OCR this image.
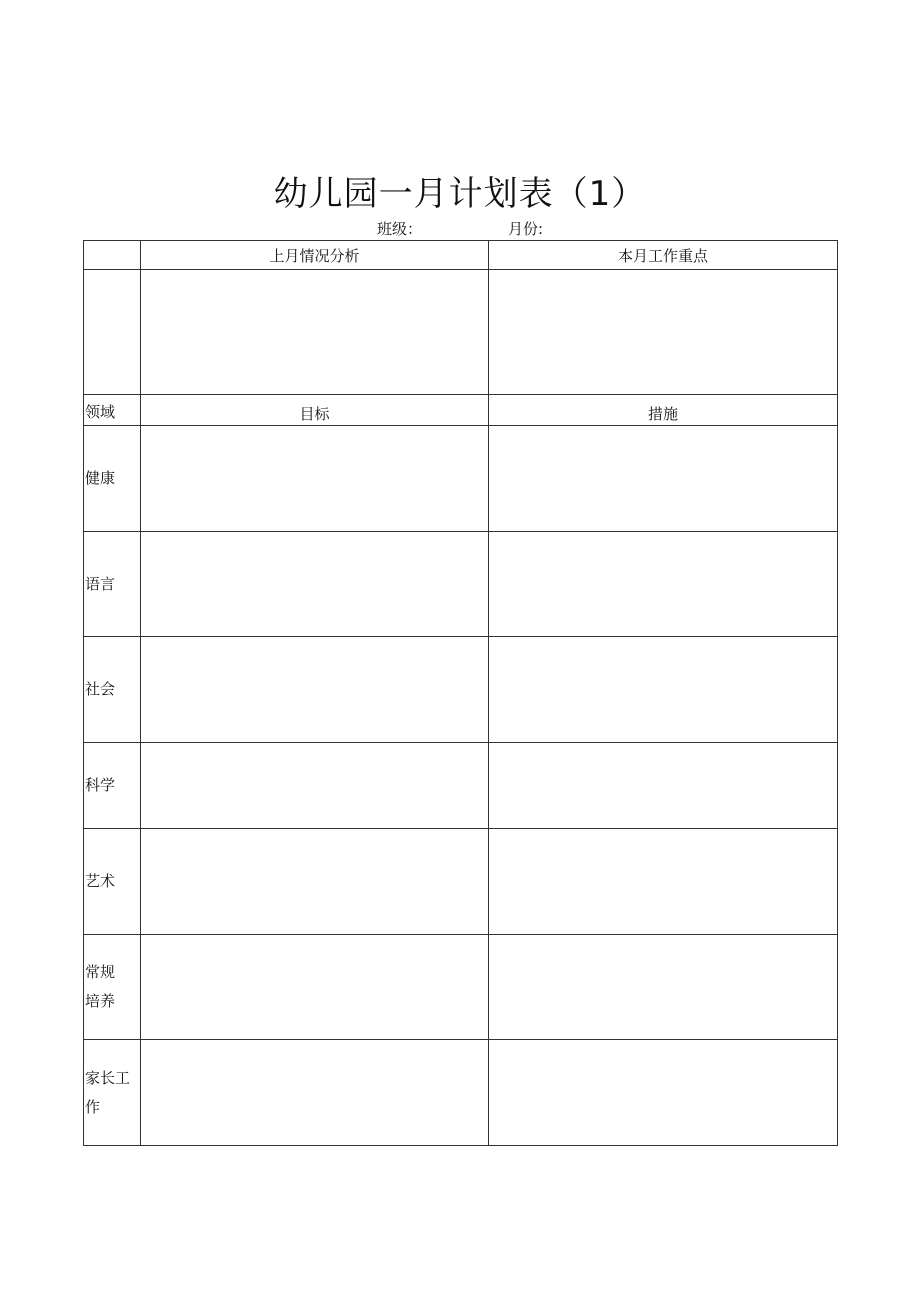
幼儿园一月计划表（1）
班级：	月份:
	上月情况分析	本月工作重点

领域	目标	措施
健康		
语言		
社会		
科学		
艺术		

常规培养		

家长工作		
